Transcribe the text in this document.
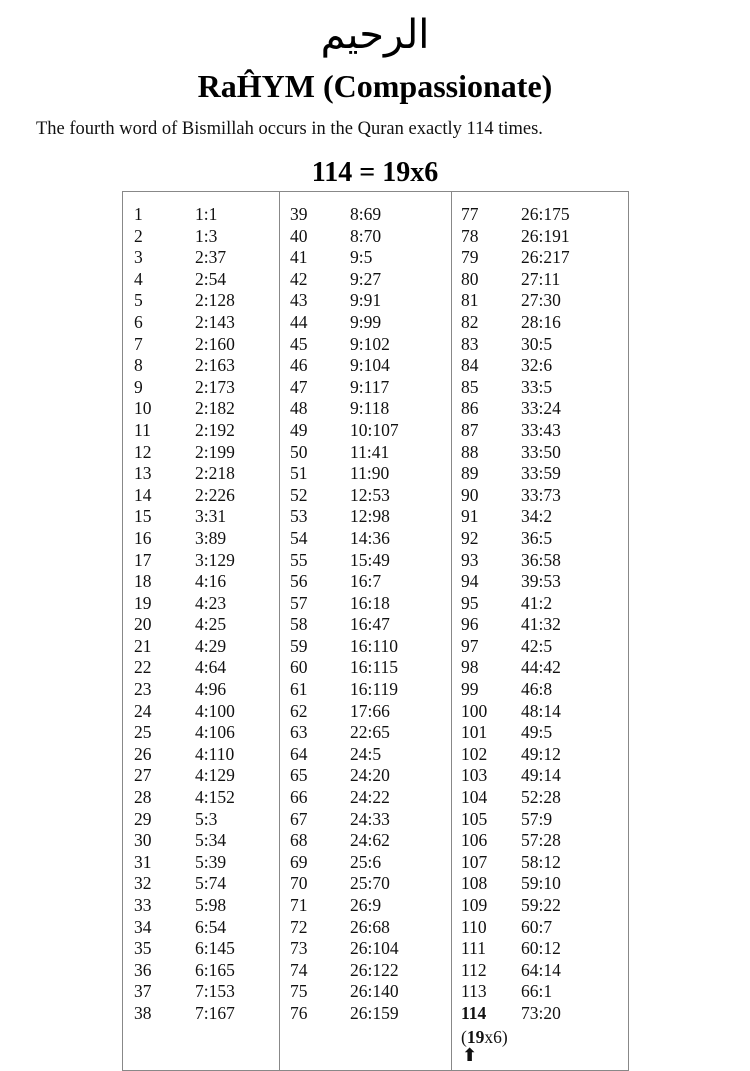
الرحيم
RaĤYM (Compassionate)
The fourth word of Bismillah occurs in the Quran exactly 114 times.
114 = 19x6
1	1:1
2	1:3
3	2:37
4	2:54
5	2:128
6	2:143
7	2:160
8	2:163
9	2:173
10 2:182
11	2:192
12 2:199
13 2:218
14 2:226
15 3:31
16 3:89
17 3:129
18 4:16
19 4:23
20 4:25
21 4:29
22 4:64
23 4:96
24 4:100
25 4:106
26 4:110
27 4:129
28 4:152
29 5:3
30 5:34
31 5:39
32 5:74
33 5:98
34 6:54
35 6:145
36 6:165
37 7:153
38 7:167
39 8:69
40 8:70
41 9:5
42 9:27
43 9:91
44 9:99
45 9:102
46 9:104
47 9:117
48 9:118
49 10:107
50 11:41
51 11:90
52 12:53
53 12:98
54 14:36
55 15:49
56 16:7
57 16:18
58 16:47
59 16:110
60 16:115
61 16:119
62 17:66
63 22:65
64 24:5
65 24:20
66 24:22
67 24:33
68 24:62
69 25:6
70 25:70
71 26:9
72 26:68
73 26:104
74 26:122
75 26:140
76 26:159
77 26:175
78 26:191
79 26:217
80 27:11
81 27:30
82 28:16
83 30:5
84 32:6
85 33:5
86 33:24
87 33:43
88 33:50
89 33:59
90 33:73
91 34:2
92 36:5
93 36:58
94 39:53
95 41:2
96 41:32
97 42:5
98 44:42
99 46:8
100 48:14
101 49:5
102 49:12
103 49:14
104 52:28
105 57:9
106 57:28
107 58:12
108 59:10
109 59:22
110 60:7
111 60:12
112 64:14
113 66:1
114 73:20
(19x6)
⬆
